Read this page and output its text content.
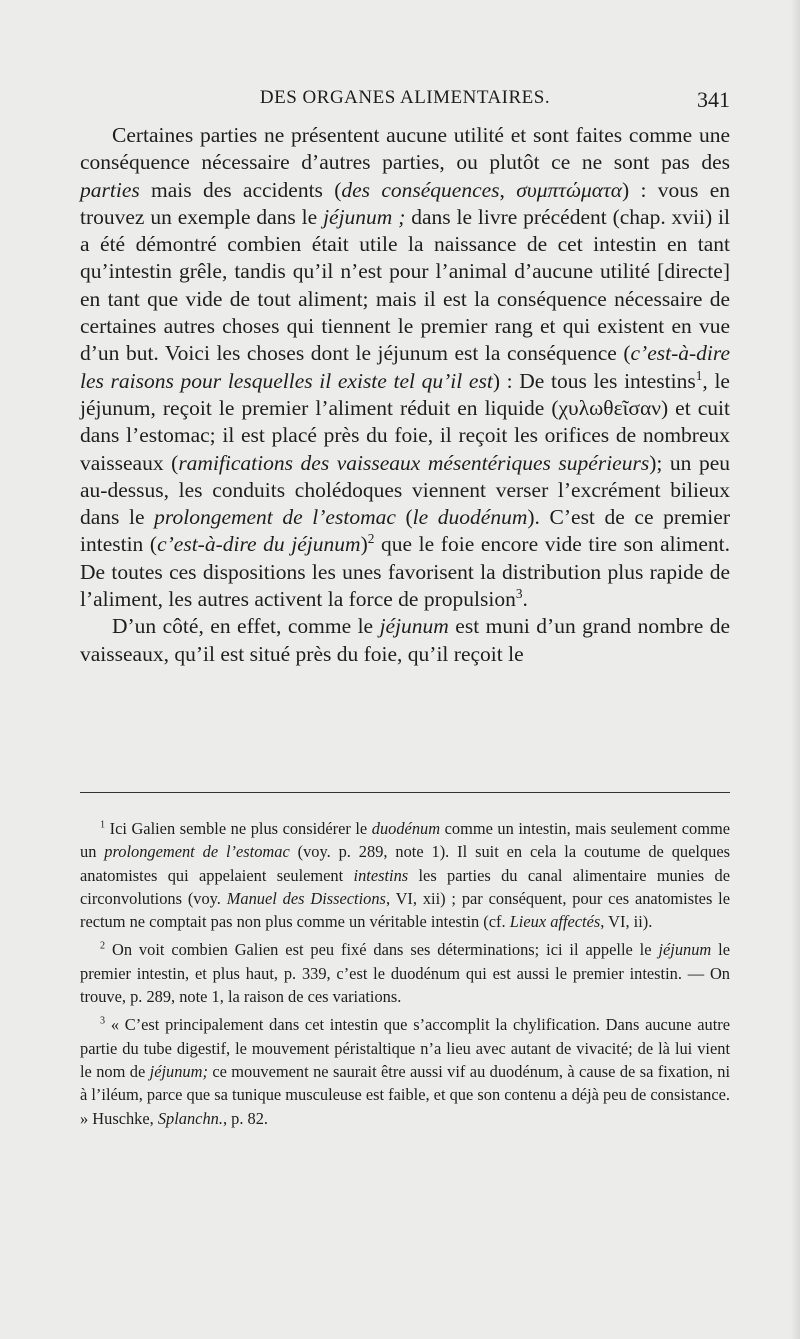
DES ORGANES ALIMENTAIRES.	341

Certaines parties ne présentent aucune utilité et sont faites comme une conséquence nécessaire d’autres parties, ou plutôt ce ne sont pas des parties mais des accidents (des conséquences, συμπτώματα) : vous en trouvez un exemple dans le jéjunum ; dans le livre précédent (chap. xvii) il a été démontré combien était utile la naissance de cet intestin en tant qu’intestin grêle, tandis qu’il n’est pour l’animal d’aucune utilité [directe] en tant que vide de tout aliment; mais il est la conséquence nécessaire de certaines autres choses qui tiennent le premier rang et qui existent en vue d’un but. Voici les choses dont le jéjunum est la conséquence (c’est-à-dire les raisons pour lesquelles il existe tel qu’il est) : De tous les intestins$^1$, le jéjunum, reçoit le premier l’aliment réduit en liquide (χυλωθεῖσαν) et cuit dans l’estomac; il est placé près du foie, il reçoit les orifices de nombreux vaisseaux (ramifications des vaisseaux mésentériques supérieurs); un peu au-dessus, les conduits cholédoques viennent verser l’excrément bilieux dans le prolongement de l’estomac (le duodénum). C’est de ce premier intestin (c’est-à-dire du jéjunum)$^2$ que le foie encore vide tire son aliment. De toutes ces dispositions les unes favorisent la distribution plus rapide de l’aliment, les autres activent la force de propulsion$^3$.

D’un côté, en effet, comme le jéjunum est muni d’un grand nombre de vaisseaux, qu’il est situé près du foie, qu’il reçoit le

$^1$ Ici Galien semble ne plus considérer le duodénum comme un intestin, mais seulement comme un prolongement de l’estomac (voy. p. 289, note 1). Il suit en cela la coutume de quelques anatomistes qui appelaient seulement intestins les parties du canal alimentaire munies de circonvolutions (voy. Manuel des Dissections, VI, xii) ; par conséquent, pour ces anatomistes le rectum ne comptait pas non plus comme un véritable intestin (cf. Lieux affectés, VI, ii).

$^2$ On voit combien Galien est peu fixé dans ses déterminations; ici il appelle le jéjunum le premier intestin, et plus haut, p. 339, c’est le duodénum qui est aussi le premier intestin. — On trouve, p. 289, note 1, la raison de ces variations.

$^3$ « C’est principalement dans cet intestin que s’accomplit la chylification. Dans aucune autre partie du tube digestif, le mouvement péristaltique n’a lieu avec autant de vivacité; de là lui vient le nom de jéjunum; ce mouvement ne saurait être aussi vif au duodénum, à cause de sa fixation, ni à l’iléum, parce que sa tunique musculeuse est faible, et que son contenu a déjà peu de consistance. » Huschke, Splanchn., p. 82.
